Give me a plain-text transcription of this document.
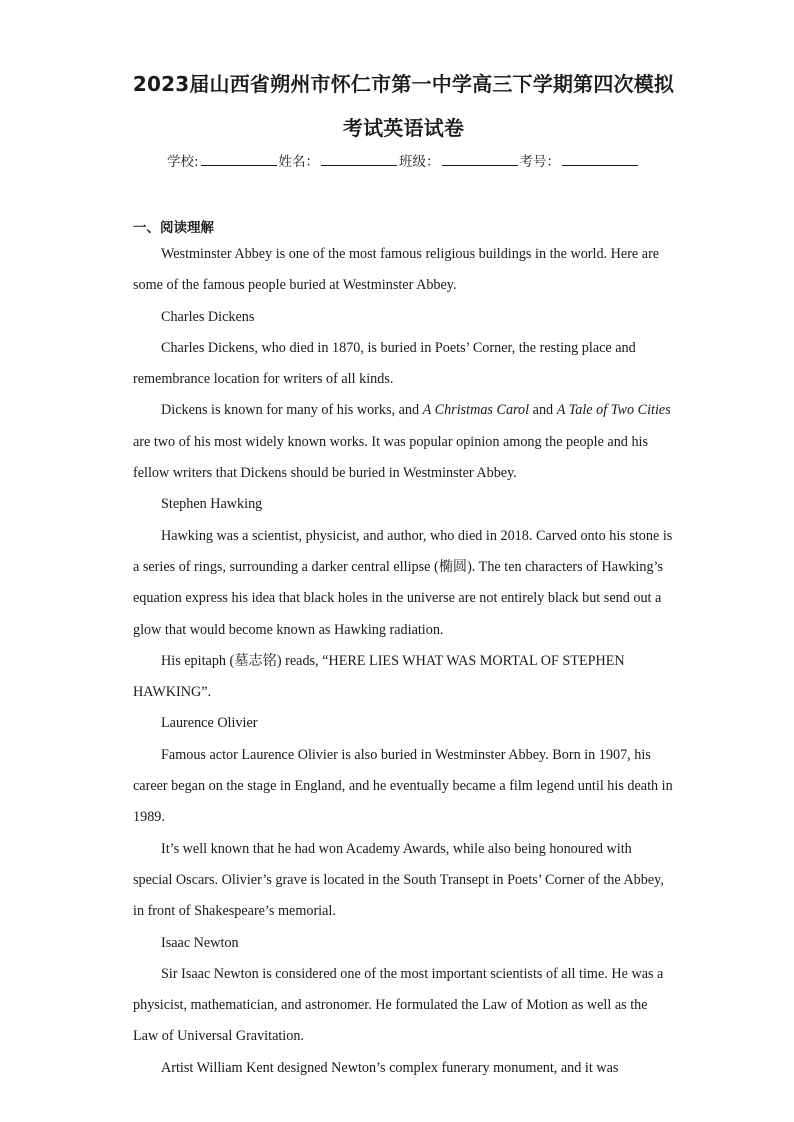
2023届山西省朔州市怀仁市第一中学高三下学期第四次模拟
考试英语试卷
学校:	姓名：	班级：	考号：
一、阅读理解

Westminster Abbey is one of the most famous religious buildings in the world. Here are some of the famous people buried at Westminster Abbey.

Charles Dickens

Charles Dickens, who died in 1870, is buried in Poets’ Corner, the resting place and remembrance location for writers of all kinds.

Dickens is known for many of his works, and A Christmas Carol and A Tale of Two Cities are two of his most widely known works. It was popular opinion among the people and his fellow writers that Dickens should be buried in Westminster Abbey.

Stephen Hawking

Hawking was a scientist, physicist, and author, who died in 2018. Carved onto his stone is a series of rings, surrounding a darker central ellipse (椭圆). The ten characters of Hawking’s equation express his idea that black holes in the universe are not entirely black but send out a glow that would become known as Hawking radiation.

His epitaph (墓志铭) reads, “HERE LIES WHAT WAS MORTAL OF STEPHEN HAWKING”.

Laurence Olivier

Famous actor Laurence Olivier is also buried in Westminster Abbey. Born in 1907, his career began on the stage in England, and he eventually became a film legend until his death in 1989.

It’s well known that he had won Academy Awards, while also being honoured with special Oscars. Olivier’s grave is located in the South Transept in Poets’ Corner of the Abbey, in front of Shakespeare’s memorial.

Isaac Newton

Sir Isaac Newton is considered one of the most important scientists of all time. He was a physicist, mathematician, and astronomer. He formulated the Law of Motion as well as the Law of Universal Gravitation.

Artist William Kent designed Newton’s complex funerary monument, and it was
